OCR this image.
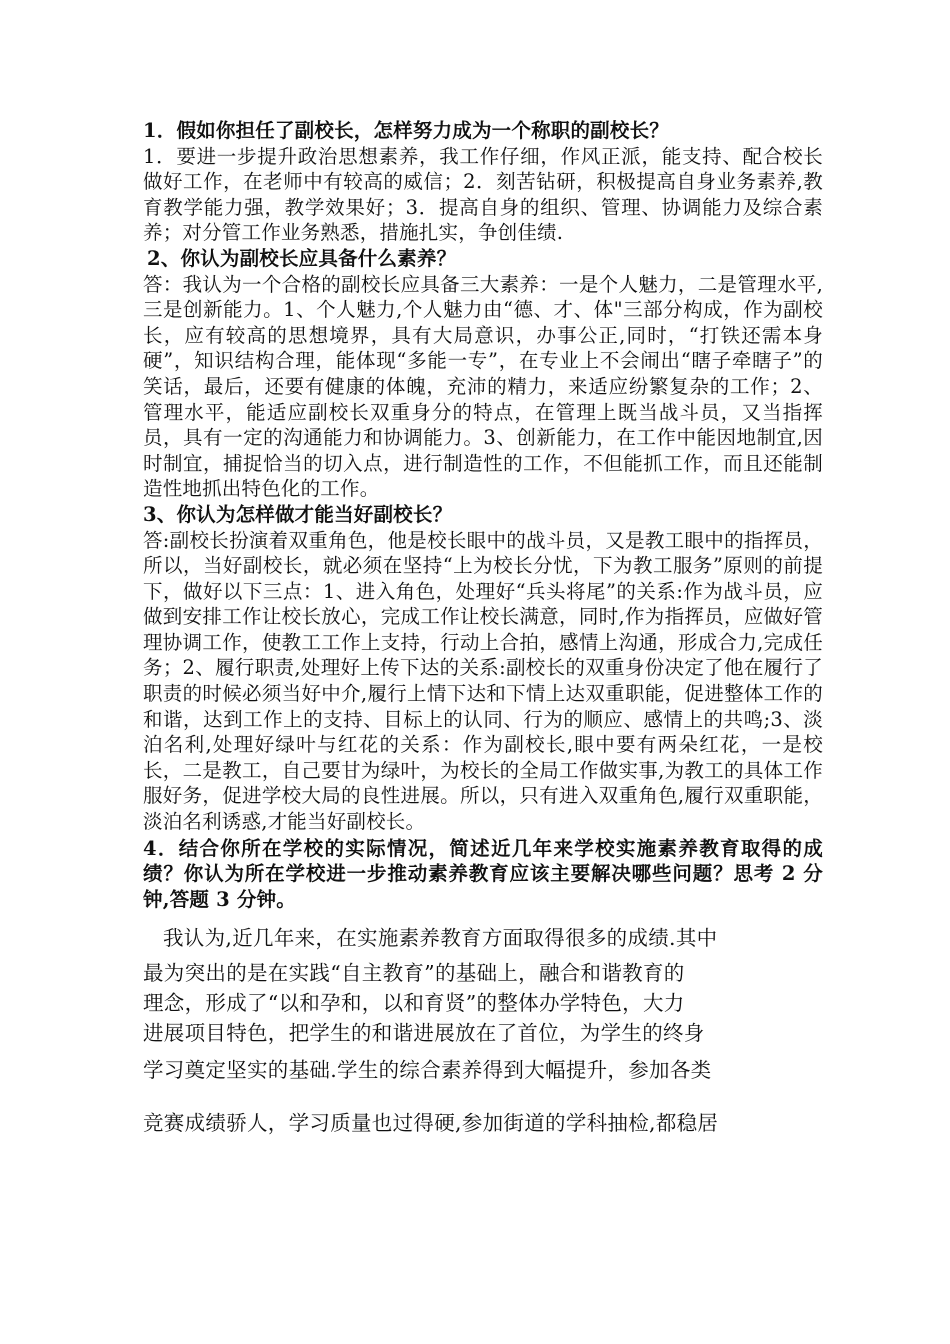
1．假如你担任了副校长，怎样努力成为一个称职的副校长？

1．要进一步提升政治思想素养，我工作仔细，作风正派，能支持、配合校长做好工作，在老师中有较高的威信；2．刻苦钻研，积极提高自身业务素养,教育教学能力强，教学效果好；3．提高自身的组织、管理、协调能力及综合素养；对分管工作业务熟悉，措施扎实，争创佳绩.

2、你认为副校长应具备什么素养？

答：我认为一个合格的副校长应具备三大素养：一是个人魅力，二是管理水平,三是创新能力。1、个人魅力,个人魅力由“德、才、体"三部分构成，作为副校长，应有较高的思想境界，具有大局意识，办事公正,同时，“打铁还需本身硬”，知识结构合理，能体现“多能一专”，在专业上不会闹出“瞎子牵瞎子”的笑话，最后，还要有健康的体魄，充沛的精力，来适应纷繁复杂的工作；2、管理水平，能适应副校长双重身分的特点，在管理上既当战斗员，又当指挥员，具有一定的沟通能力和协调能力。3、创新能力，在工作中能因地制宜,因时制宜，捕捉恰当的切入点，进行制造性的工作，不但能抓工作，而且还能制造性地抓出特色化的工作。

3、你认为怎样做才能当好副校长？

答:副校长扮演着双重角色，他是校长眼中的战斗员，又是教工眼中的指挥员，所以，当好副校长，就必须在坚持“上为校长分忧，下为教工服务”原则的前提下，做好以下三点：1、进入角色，处理好“兵头将尾”的关系:作为战斗员，应做到安排工作让校长放心，完成工作让校长满意，同时,作为指挥员，应做好管理协调工作，使教工工作上支持，行动上合拍，感情上沟通，形成合力,完成任务；2、履行职责,处理好上传下达的关系:副校长的双重身份决定了他在履行了职责的时候必须当好中介,履行上情下达和下情上达双重职能，促进整体工作的和谐，达到工作上的支持、目标上的认同、行为的顺应、感情上的共鸣;3、淡泊名利,处理好绿叶与红花的关系：作为副校长,眼中要有两朵红花，一是校长，二是教工，自己要甘为绿叶，为校长的全局工作做实事,为教工的具体工作服好务，促进学校大局的良性进展。所以，只有进入双重角色,履行双重职能，淡泊名利诱惑,才能当好副校长。

4．结合你所在学校的实际情况，简述近几年来学校实施素养教育取得的成绩？你认为所在学校进一步推动素养教育应该主要解决哪些问题？思考 2 分钟,答题 3 分钟。

我认为,近几年来，在实施素养教育方面取得很多的成绩.其中

最为突出的是在实践“自主教育”的基础上，融合和谐教育的

理念，形成了“以和孕和，以和育贤”的整体办学特色，大力

进展项目特色，把学生的和谐进展放在了首位，为学生的终身

学习奠定坚实的基础.学生的综合素养得到大幅提升，参加各类

竞赛成绩骄人，学习质量也过得硬,参加街道的学科抽检,都稳居
